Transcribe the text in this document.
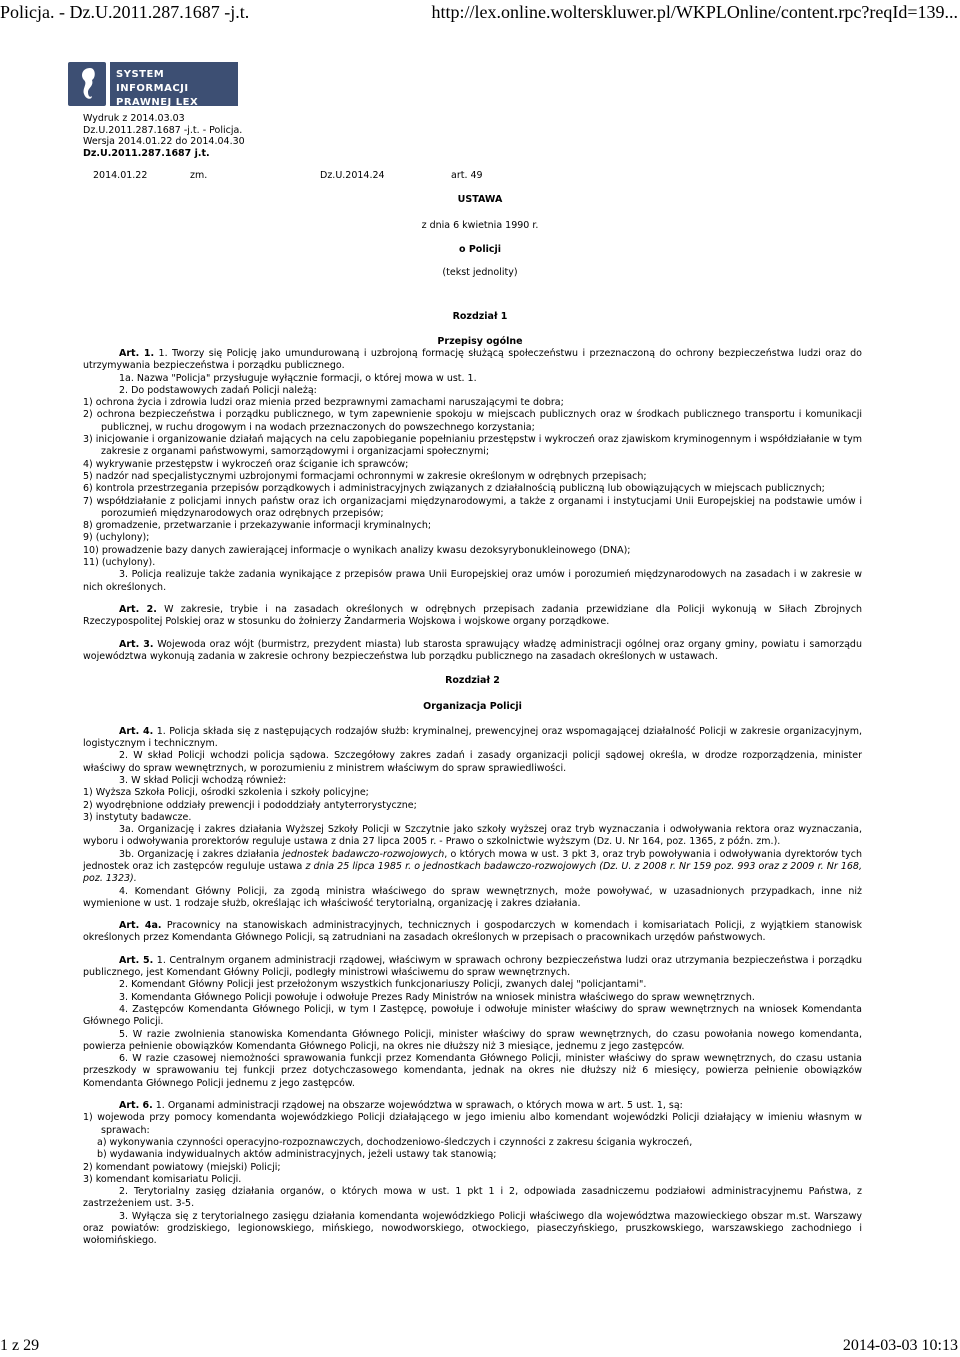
Policja. - Dz.U.2011.287.1687 -j.t.	http://lex.online.wolterskluwer.pl/WKPLOnline/content.rpc?reqId=139...
SYSTEM INFORMACJI
PRAWNEJ LEX
Wydruk z 2014.03.03
Dz.U.2011.287.1687 -j.t. - Policja.
Wersja 2014.01.22 do 2014.04.30
Dz.U.2011.287.1687 j.t.
2014.01.22	zm.	Dz.U.2014.24	art. 49
USTAWA
z dnia 6 kwietnia 1990 r.
o Policji
(tekst jednolity)
Rozdział 1
Przepisy ogólne

Art. 1. 1. Tworzy się Policję jako umundurowaną i uzbrojoną formację służącą społeczeństwu i przeznaczoną do ochrony bezpieczeństwa ludzi oraz do utrzymywania bezpieczeństwa i porządku publicznego.

1a. Nazwa "Policja" przysługuje wyłącznie formacji, o której mowa w ust. 1.

2. Do podstawowych zadań Policji należą:

1) ochrona życia i zdrowia ludzi oraz mienia przed bezprawnymi zamachami naruszającymi te dobra;

2) ochrona bezpieczeństwa i porządku publicznego, w tym zapewnienie spokoju w miejscach publicznych oraz w środkach publicznego transportu i komunikacji publicznej, w ruchu drogowym i na wodach przeznaczonych do powszechnego korzystania;

3) inicjowanie i organizowanie działań mających na celu zapobieganie popełnianiu przestępstw i wykroczeń oraz zjawiskom kryminogennym i współdziałanie w tym zakresie z organami państwowymi, samorządowymi i organizacjami społecznymi;

4) wykrywanie przestępstw i wykroczeń oraz ściganie ich sprawców;

5) nadzór nad specjalistycznymi uzbrojonymi formacjami ochronnymi w zakresie określonym w odrębnych przepisach;

6) kontrola przestrzegania przepisów porządkowych i administracyjnych związanych z działalnością publiczną lub obowiązujących w miejscach publicznych;

7) współdziałanie z policjami innych państw oraz ich organizacjami międzynarodowymi, a także z organami i instytucjami Unii Europejskiej na podstawie umów i porozumień międzynarodowych oraz odrębnych przepisów;

8) gromadzenie, przetwarzanie i przekazywanie informacji kryminalnych;

9) (uchylony);

10) prowadzenie bazy danych zawierającej informacje o wynikach analizy kwasu dezoksyrybonukleinowego (DNA);

11) (uchylony).

3. Policja realizuje także zadania wynikające z przepisów prawa Unii Europejskiej oraz umów i porozumień międzynarodowych na zasadach i w zakresie w nich określonych.

Art. 2. W zakresie, trybie i na zasadach określonych w odrębnych przepisach zadania przewidziane dla Policji wykonują w Siłach Zbrojnych Rzeczypospolitej Polskiej oraz w stosunku do żołnierzy Żandarmeria Wojskowa i wojskowe organy porządkowe.

Art. 3. Wojewoda oraz wójt (burmistrz, prezydent miasta) lub starosta sprawujący władzę administracji ogólnej oraz organy gminy, powiatu i samorządu województwa wykonują zadania w zakresie ochrony bezpieczeństwa lub porządku publicznego na zasadach określonych w ustawach.

Rozdział 2

Organizacja Policji

Art. 4. 1. Policja składa się z następujących rodzajów służb: kryminalnej, prewencyjnej oraz wspomagającej działalność Policji w zakresie organizacyjnym, logistycznym i technicznym.

2. W skład Policji wchodzi policja sądowa. Szczegółowy zakres zadań i zasady organizacji policji sądowej określa, w drodze rozporządzenia, minister właściwy do spraw wewnętrznych, w porozumieniu z ministrem właściwym do spraw sprawiedliwości.

3. W skład Policji wchodzą również:

1) Wyższa Szkoła Policji, ośrodki szkolenia i szkoły policyjne;

2) wyodrębnione oddziały prewencji i pododdziały antyterrorystyczne;

3) instytuty badawcze.

3a. Organizację i zakres działania Wyższej Szkoły Policji w Szczytnie jako szkoły wyższej oraz tryb wyznaczania i odwoływania rektora oraz wyznaczania, wyboru i odwoływania prorektorów reguluje ustawa z dnia 27 lipca 2005 r. - Prawo o szkolnictwie wyższym (Dz. U. Nr 164, poz. 1365, z późn. zm.).

3b. Organizację i zakres działania jednostek badawczo-rozwojowych, o których mowa w ust. 3 pkt 3, oraz tryb powoływania i odwoływania dyrektorów tych jednostek oraz ich zastępców reguluje ustawa z dnia 25 lipca 1985 r. o jednostkach badawczo-rozwojowych (Dz. U. z 2008 r. Nr 159 poz. 993 oraz z 2009 r. Nr 168, poz. 1323).

4. Komendant Główny Policji, za zgodą ministra właściwego do spraw wewnętrznych, może powoływać, w uzasadnionych przypadkach, inne niż wymienione w ust. 1 rodzaje służb, określając ich właściwość terytorialną, organizację i zakres działania.

Art. 4a. Pracownicy na stanowiskach administracyjnych, technicznych i gospodarczych w komendach i komisariatach Policji, z wyjątkiem stanowisk określonych przez Komendanta Głównego Policji, są zatrudniani na zasadach określonych w przepisach o pracownikach urzędów państwowych.

Art. 5. 1. Centralnym organem administracji rządowej, właściwym w sprawach ochrony bezpieczeństwa ludzi oraz utrzymania bezpieczeństwa i porządku publicznego, jest Komendant Główny Policji, podległy ministrowi właściwemu do spraw wewnętrznych.

2. Komendant Główny Policji jest przełożonym wszystkich funkcjonariuszy Policji, zwanych dalej "policjantami".

3. Komendanta Głównego Policji powołuje i odwołuje Prezes Rady Ministrów na wniosek ministra właściwego do spraw wewnętrznych.

4. Zastępców Komendanta Głównego Policji, w tym I Zastępcę, powołuje i odwołuje minister właściwy do spraw wewnętrznych na wniosek Komendanta Głównego Policji.

5. W razie zwolnienia stanowiska Komendanta Głównego Policji, minister właściwy do spraw wewnętrznych, do czasu powołania nowego komendanta, powierza pełnienie obowiązków Komendanta Głównego Policji, na okres nie dłuższy niż 3 miesiące, jednemu z jego zastępców.

6. W razie czasowej niemożności sprawowania funkcji przez Komendanta Głównego Policji, minister właściwy do spraw wewnętrznych, do czasu ustania przeszkody w sprawowaniu tej funkcji przez dotychczasowego komendanta, jednak na okres nie dłuższy niż 6 miesięcy, powierza pełnienie obowiązków Komendanta Głównego Policji jednemu z jego zastępców.

Art. 6. 1. Organami administracji rządowej na obszarze województwa w sprawach, o których mowa w art. 5 ust. 1, są:

1) wojewoda przy pomocy komendanta wojewódzkiego Policji działającego w jego imieniu albo komendant wojewódzki Policji działający w imieniu własnym w sprawach:

a) wykonywania czynności operacyjno-rozpoznawczych, dochodzeniowo-śledczych i czynności z zakresu ścigania wykroczeń,

b) wydawania indywidualnych aktów administracyjnych, jeżeli ustawy tak stanowią;

2) komendant powiatowy (miejski) Policji;

3) komendant komisariatu Policji.

2. Terytorialny zasięg działania organów, o których mowa w ust. 1 pkt 1 i 2, odpowiada zasadniczemu podziałowi administracyjnemu Państwa, z zastrzeżeniem ust. 3-5.

3. Wyłącza się z terytorialnego zasięgu działania komendanta wojewódzkiego Policji właściwego dla województwa mazowieckiego obszar m.st. Warszawy oraz powiatów: grodziskiego, legionowskiego, mińskiego, nowodworskiego, otwockiego, piaseczyńskiego, pruszkowskiego, warszawskiego zachodniego i wołomińskiego.

1 z 29	2014-03-03 10:13
